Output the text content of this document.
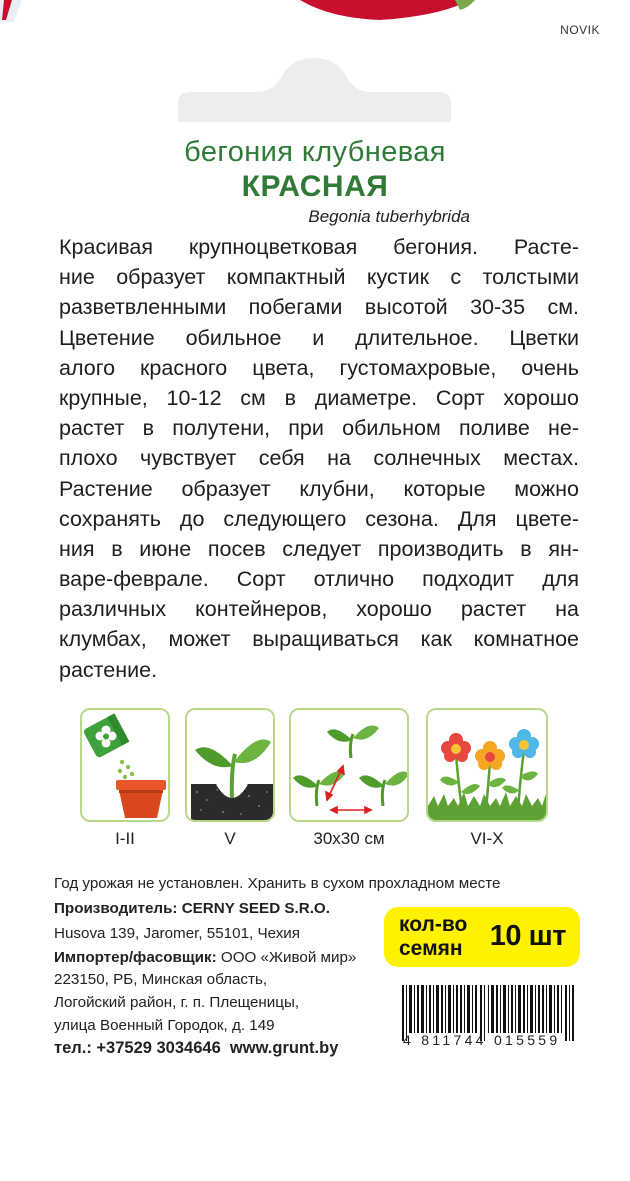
NOVIK
бегония клубневая
КРАСНАЯ
Begonia tuberhybrida
Красивая крупноцветковая бегония. Расте-
ние образует компактный кустик с толстыми
разветвленными побегами высотой 30-35 см.
Цветение обильное и длительное. Цветки
алого красного цвета, густомахровые, очень
крупные, 10-12 см в диаметре. Сорт хорошо
растет в полутени, при обильном поливе не-
плохо чувствует себя на солнечных местах.
Растение образует клубни, которые можно
сохранять до следующего сезона. Для цвете-
ния в июне посев следует производить в ян-
варе-феврале. Сорт отлично подходит для
различных контейнеров, хорошо растет на
клумбах, может выращиваться как комнатное
растение.
I-II	V	30x30 см	VI-X
Год урожая не установлен. Хранить в сухом прохладном месте
Производитель: CERNY SEED S.R.O.
Husova 139, Jaromer, 55101, Чехия
Импортер/фасовщик: ООО «Живой мир»
223150, РБ, Минская область,
Логойский район, г. п. Плещеницы,
улица Военный Городок, д. 149
тел.: +37529 3034646  www.grunt.by
кол-во
семян 10 шт
4 811744 015559
